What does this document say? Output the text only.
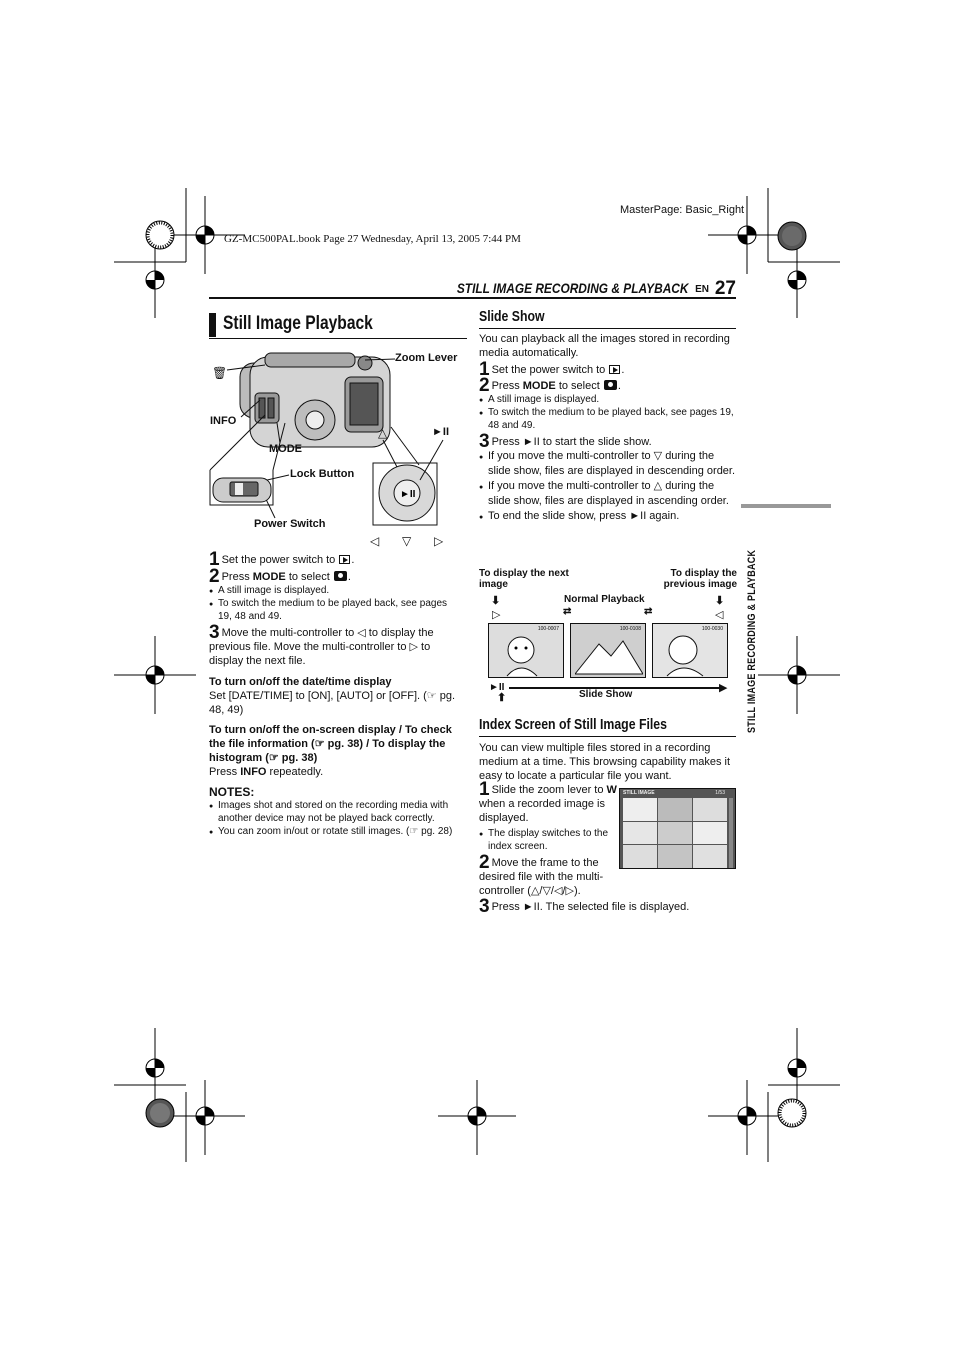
MasterPage: Basic_Right
GZ-MC500PAL.book Page 27 Wednesday, April 13, 2005 7:44 PM
STILL IMAGE RECORDING & PLAYBACK EN 27
STILL IMAGE RECORDING & PLAYBACK
Still Image Playback
►II
🗑
Zoom Lever
INFO
MODE
►II
△
Lock Button
Power Switch
◁ ▽ ▷
1 Set the power switch to .
2 Press MODE to select .
● A still image is displayed.
● To switch the medium to be played back, see pages 19, 48 and 49.
3 Move the multi-controller to ◁ to display the previous file. Move the multi-controller to ▷ to display the next file.
To turn on/off the date/time display
Set [DATE/TIME] to [ON], [AUTO] or [OFF]. (☞ pg. 48, 49)
To turn on/off the on-screen display / To check the file information (☞ pg. 38) / To display the histogram (☞ pg. 38)
Press INFO repeatedly.
NOTES:
● Images shot and stored on the recording media with another device may not be played back correctly.
● You can zoom in/out or rotate still images. (☞ pg. 28)
Slide Show
You can playback all the images stored in recording media automatically.
1 Set the power switch to .
2 Press MODE to select .
● A still image is displayed.
● To switch the medium to be played back, see pages 19, 48 and 49.
3 Press ►II to start the slide show.
● If you move the multi-controller to ▽ during the slide show, files are displayed in descending order.
● If you move the multi-controller to △ during the slide show, files are displayed in ascending order.
● To end the slide show, press ►II again.
To display the next image
To display the previous image
Normal Playback
⬇
▷
⬇
◁
⇄	⇄
100-0007	100-0108	100-0030
►II	▶
⬆	Slide Show
Index Screen of Still Image Files
You can view multiple files stored in a recording medium at a time. This browsing capability makes it easy to locate a particular file you want.
1 Slide the zoom lever to W when a recorded image is displayed.
● The display switches to the index screen.
2 Move the frame to the desired file with the multi-controller (△/▽/◁/▷).
3 Press ►II. The selected file is displayed.
STILL IMAGE	1/53
